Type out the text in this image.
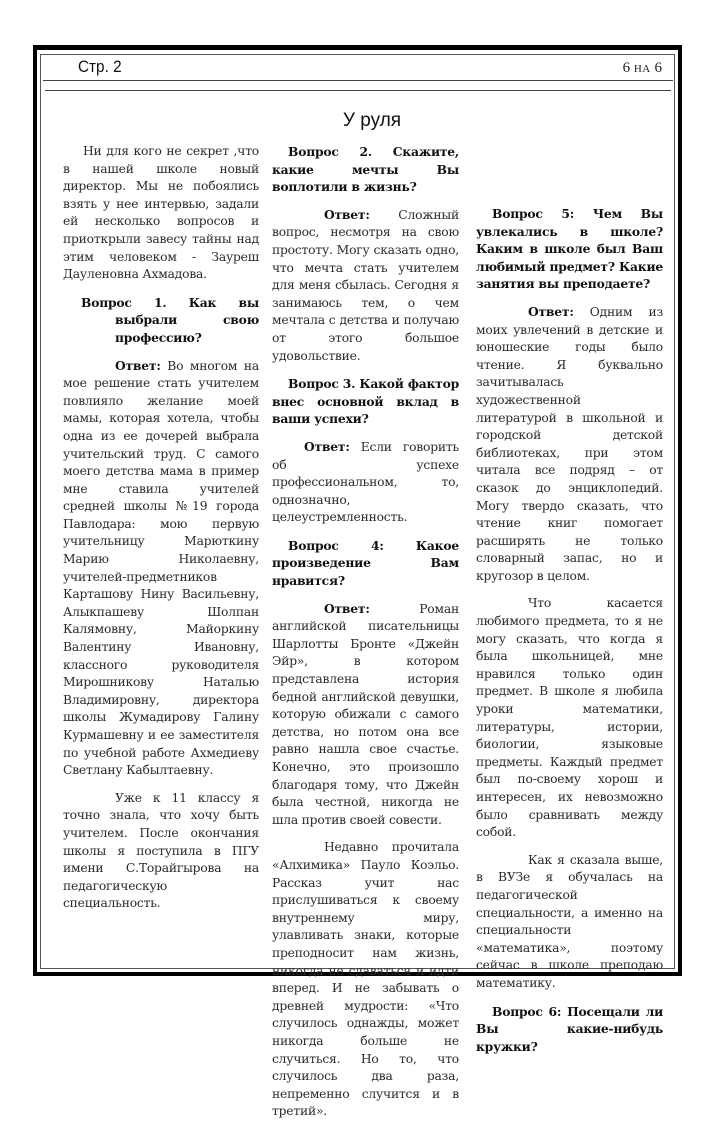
Стр. 2	6 НА 6
У руля

Ни для кого не секрет ,что в нашей школе новый директор. Мы не побоялись взять у нее интервью, задали ей несколько вопросов и приоткрыли завесу тайны над этим человеком - Зауреш Дауленовна Ахмадова.

Вопрос 1. Как вы выбрали свою профессию?

Ответ: Во многом на мое решение стать учителем повлияло желание моей мамы, которая хотела, чтобы одна из ее дочерей выбрала учительский труд. С самого моего детства мама в пример мне ставила учителей средней школы №19 города Павлодара: мою первую учительницу Марюткину Марию Николаевну, учителей-предметников Карташову Нину Васильевну, Алыкпашеву Шолпан Калямовну, Майоркину Валентину Ивановну, классного руководителя Мирошникову Наталью Владимировну, директора школы Жумадирову Галину Курмашевну и ее заместителя по учебной работе Ахмедиеву Светлану Кабылтаевну.

Уже к 11 классу я точно знала, что хочу быть учителем. После окончания школы я поступила в ПГУ имени С.Торайгырова на педагогическую специальность.

Вопрос 2. Скажите, какие мечты Вы воплотили в жизнь?

Ответ: Сложный вопрос, несмотря на свою простоту. Могу сказать одно, что мечта стать учителем для меня сбылась. Сегодня я занимаюсь тем, о чем мечтала с детства и получаю от этого большое удовольствие.

Вопрос 3. Какой фактор внес основной вклад в ваши успехи?

Ответ: Если говорить об успехе профессиональном, то, однозначно, целеустремленность.

Вопрос 4: Какое произведение Вам нравится?

Ответ: Роман английской писательницы Шарлотты Бронте «Джейн Эйр», в котором представлена история бедной английской девушки, которую обижали с самого детства, но потом она все равно нашла свое счастье. Конечно, это произошло благодаря тому, что Джейн была честной, никогда не шла против своей совести.

Недавно прочитала «Алхимика» Пауло Коэльо. Рассказ учит нас прислушиваться к своему внутреннему миру, улавливать знаки, которые преподносит нам жизнь, никогда не сдаваться и идти вперед. И не забывать о древней мудрости: «Что случилось однажды, может никогда больше не случиться. Но то, что случилось два раза, непременно случится и в третий».

Вопрос 5: Чем Вы увлекались в школе? Каким в школе был Ваш любимый предмет? Какие занятия вы преподаете?

Ответ: Одним из моих увлечений в детские и юношеские годы было чтение. Я буквально зачитывалась художественной литературой в школьной и городской детской библиотеках, при этом читала все подряд – от сказок до энциклопедий. Могу твердо сказать, что чтение книг помогает расширять не только словарный запас, но и кругозор в целом.

Что касается любимого предмета, то я не могу сказать, что когда я была школьницей, мне нравился только один предмет. В школе я любила уроки математики, литературы, истории, биологии, языковые предметы. Каждый предмет был по-своему хорош и интересен, их невозможно было сравнивать между собой.

Как я сказала выше, в ВУЗе я обучалась на педагогической специальности, а именно на специальности «математика», поэтому сейчас в школе преподаю математику.

Вопрос 6: Посещали ли Вы какие-нибудь кружки?
